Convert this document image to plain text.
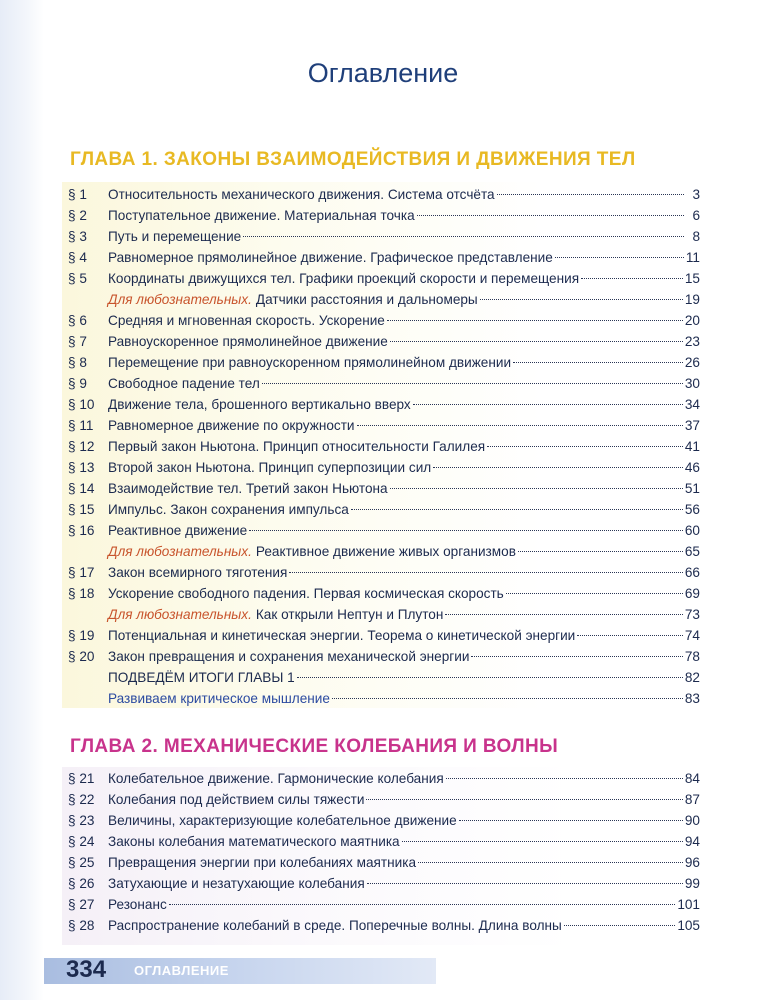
Оглавление
ГЛАВА 1. ЗАКОНЫ ВЗАИМОДЕЙСТВИЯ И ДВИЖЕНИЯ ТЕЛ
§ 1	Относительность механического движения. Система отсчёта	3
§ 2	Поступательное движение. Материальная точка	6
§ 3	Путь и перемещение	8
§ 4	Равномерное прямолинейное движение. Графическое представление	11
§ 5	Координаты движущихся тел. Графики проекций скорости и перемещения	15
Для любознательных. Датчики расстояния и дальномеры	19
§ 6	Средняя и мгновенная скорость. Ускорение	20
§ 7	Равноускоренное прямолинейное движение	23
§ 8	Перемещение при равноускоренном прямолинейном движении	26
§ 9	Свободное падение тел	30
§ 10 Движение тела, брошенного вертикально вверх	34
§ 11	Равномерное движение по окружности	37
§ 12 Первый закон Ньютона. Принцип относительности Галилея	41
§ 13 Второй закон Ньютона. Принцип суперпозиции сил	46
§ 14 Взаимодействие тел. Третий закон Ньютона	51
§ 15 Импульс. Закон сохранения импульса	56
§ 16 Реактивное движение	60
Для любознательных. Реактивное движение живых организмов	65
§ 17 Закон всемирного тяготения	66
§ 18 Ускорение свободного падения. Первая космическая скорость	69
Для любознательных. Как открыли Нептун и Плутон	73
§ 19 Потенциальная и кинетическая энергии. Теорема о кинетической энергии	74
§ 20 Закон превращения и сохранения механической энергии	78
ПОДВЕДЁМ ИТОГИ ГЛАВЫ 1	82
Развиваем критическое мышление	83
ГЛАВА 2. МЕХАНИЧЕСКИЕ КОЛЕБАНИЯ И ВОЛНЫ
§ 21 Колебательное движение. Гармонические колебания	84
§ 22 Колебания под действием силы тяжести	87
§ 23 Величины, характеризующие колебательное движение	90
§ 24 Законы колебания математического маятника	94
§ 25 Превращения энергии при колебаниях маятника	96
§ 26 Затухающие и незатухающие колебания	99
§ 27 Резонанс	101
§ 28 Распространение колебаний в среде. Поперечные волны. Длина волны	105
334 ОГЛАВЛЕНИЕ
